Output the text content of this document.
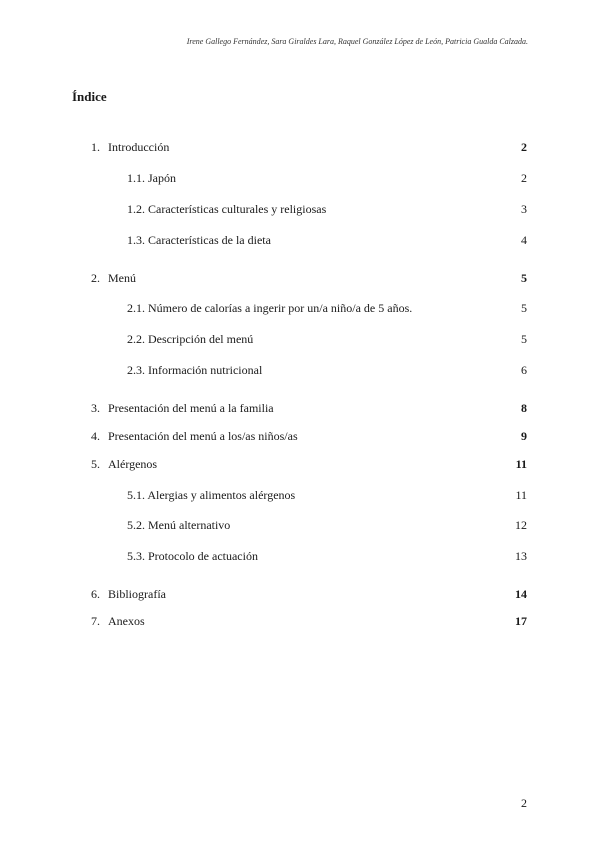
Irene Gallego Fernández, Sara Giraldes Lara, Raquel González López de León, Patricia Gualda Calzada.
Índice
1. Introducción	2
1.1. Japón	2
1.2. Características culturales y religiosas	3
1.3. Características de la dieta	4
2. Menú	5
2.1. Número de calorías a ingerir por un/a niño/a de 5 años.	5
2.2. Descripción del menú	5
2.3. Información nutricional	6
3. Presentación del menú a la familia	8
4. Presentación del menú a los/as niños/as	9
5. Alérgenos	11
5.1. Alergias y alimentos alérgenos	11
5.2. Menú alternativo	12
5.3. Protocolo de actuación	13
6. Bibliografía	14
7. Anexos	17
2
